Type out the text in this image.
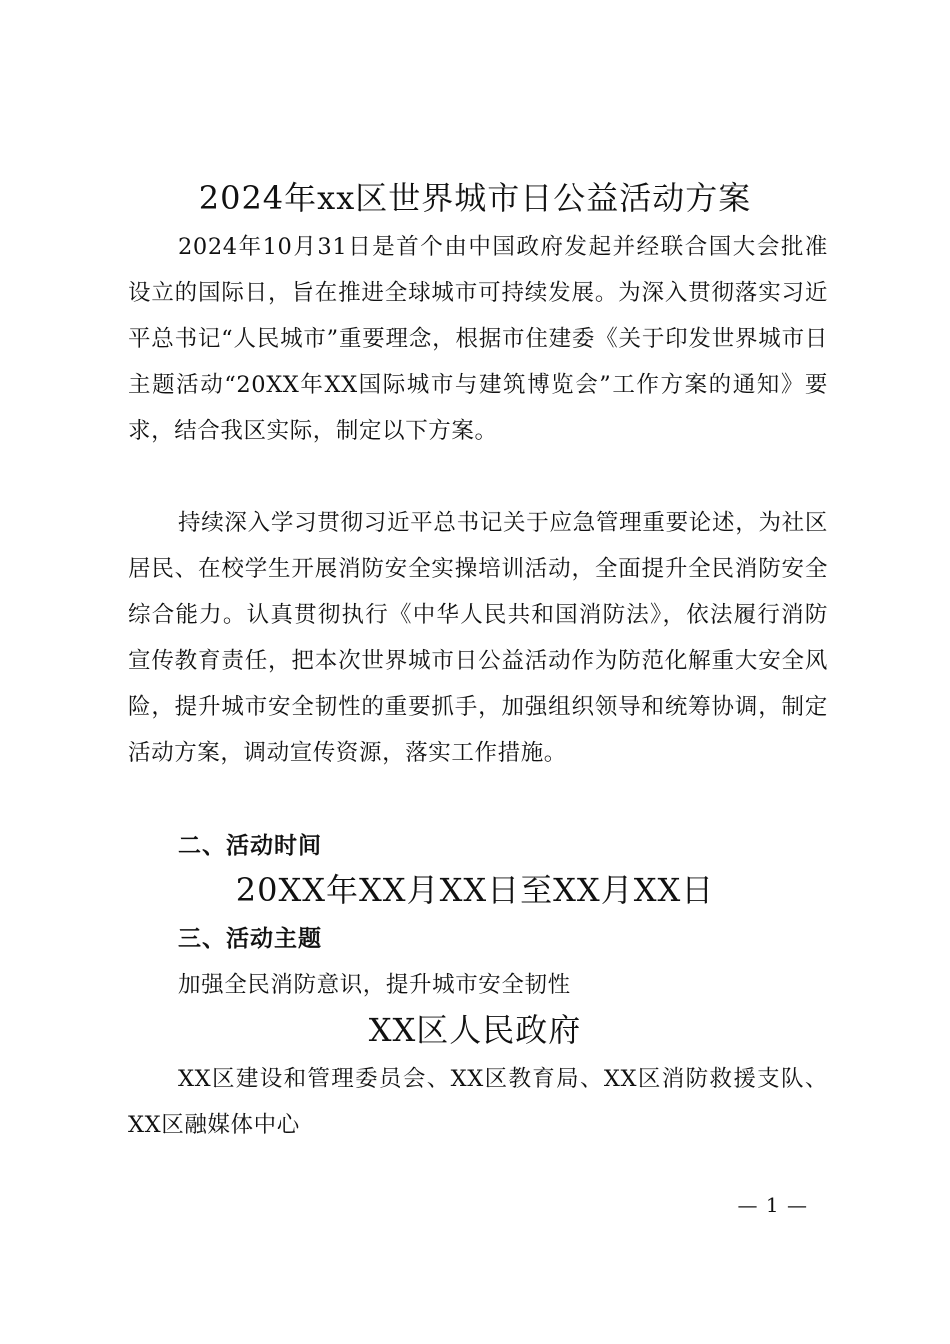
2024年xx区世界城市日公益活动方案

2024年10月31日是首个由中国政府发起并经联合国大会批准设立的国际日，旨在推进全球城市可持续发展。为深入贯彻落实习近平总书记“人民城市”重要理念，根据市住建委《关于印发世界城市日主题活动“20XX年XX国际城市与建筑博览会”工作方案的通知》要求，结合我区实际，制定以下方案。

持续深入学习贯彻习近平总书记关于应急管理重要论述，为社区居民、在校学生开展消防安全实操培训活动，全面提升全民消防安全综合能力。认真贯彻执行《中华人民共和国消防法》，依法履行消防宣传教育责任，把本次世界城市日公益活动作为防范化解重大安全风险，提升城市安全韧性的重要抓手，加强组织领导和统筹协调，制定活动方案，调动宣传资源，落实工作措施。

二、活动时间
20XX年XX月XX日至XX月XX日
三、活动主题
加强全民消防意识，提升城市安全韧性
XX区人民政府

XX区建设和管理委员会、XX区教育局、XX区消防救援支队、XX区融媒体中心

— 1 —
